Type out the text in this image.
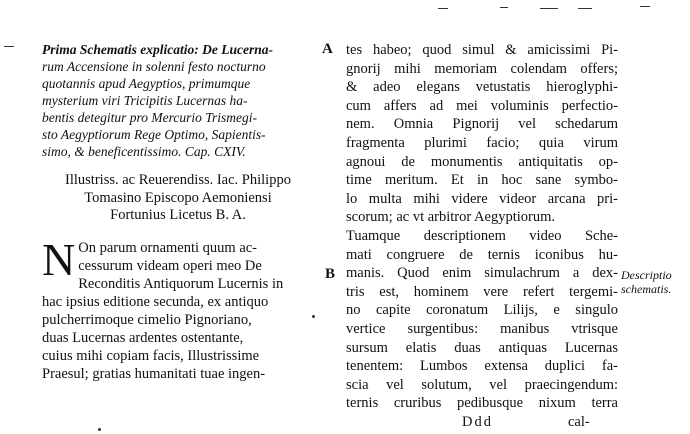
Prima Schematis explicatio: De Lucerna-

rum Accensione in solenni festo nocturno

quotannis apud Aegyptios, primumque

mysterium viri Tricipitis Lucernas ha-

bentis detegitur pro Mercurio Trismegi-

sto Aegyptiorum Rege Optimo, Sapientis-

simo, & beneficentissimo. Cap. CXIV.

Illustriss. ac Reuerendiss. Iac. Philippo
Tomasino Episcopo Aemoniensi
Fortunius Licetus B. A.
N On parum ornamenti quum ac-
cessurum videam operi meo De
Reconditis Antiquorum Lucernis in
hac ipsius editione secunda, ex antiquo
pulcherrimoque cimelio Pignoriano,
duas Lucernas ardentes ostentante,
cuius mihi copiam facis, Illustrissime
Praesul; gratias humanitati tuae ingen-
A
B
tes habeo; quod simul & amicissimi Pi-
gnorij mihi memoriam colendam offers;
& adeo elegans vetustatis hieroglyphi-
cum affers ad mei voluminis perfectio-
nem. Omnia Pignorij vel schedarum
fragmenta plurimi facio; quia virum
agnoui de monumentis antiquitatis op-
time meritum. Et in hoc sane symbo-
lo multa mihi videre videor arcana pri-
scorum; ac vt arbitror Aegyptiorum.
Tuamque descriptionem video Sche-
mati congruere de ternis iconibus hu-
manis. Quod enim simulachrum a dex-
tris est, hominem vere refert tergemi-
no capite coronatum Lilijs, e singulo
vertice surgentibus: manibus vtrisque
sursum elatis duas antiquas Lucernas
tenentem: Lumbos extensa duplici fa-
scia vel solutum, vel praecingendum:
ternis cruribus pedibusque nixum terra
Descriptio
schematis.
Ddd	cal-
